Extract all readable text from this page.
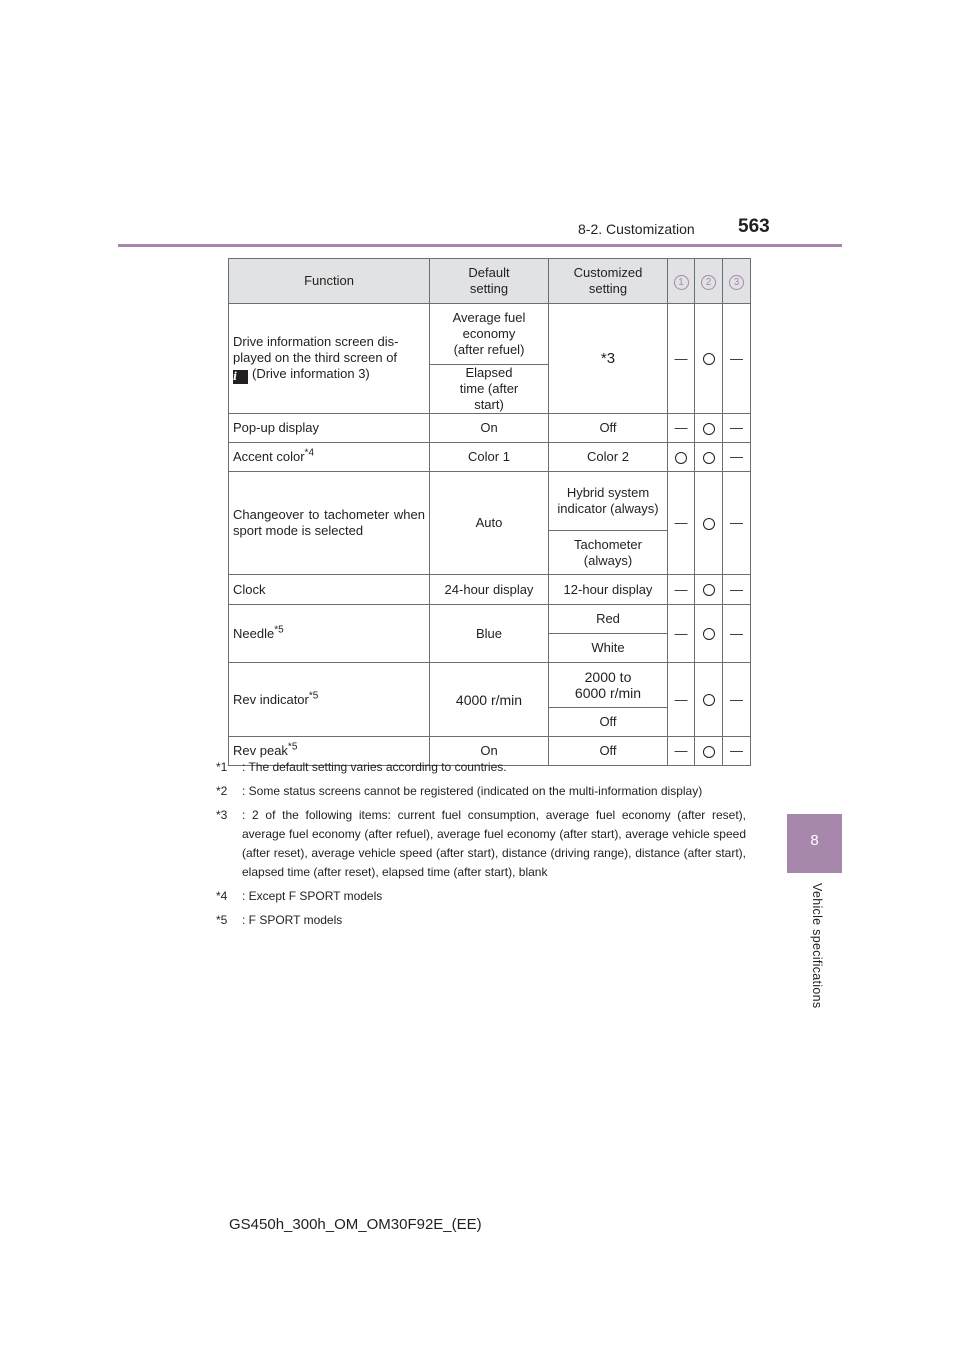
8-2. Customization 563
8
Vehicle specifications
Function	Default setting	Customized setting	1	2	3
Drive information screen dis-
played on the third screen of
i (Drive information 3)	Average fuel economy (after refuel)	*3	—		—
	Elapsed time (after start)				
Pop-up display	On	Off	—		—
Accent color$^{*4}$	Color 1	Color 2			—
Changeover to tachometer when sport mode is selected	Auto	Hybrid system indicator (always)	—		—
		Tachometer (always)			
Clock	24-hour display	12-hour display	—		—
Needle$^{*5}$	Blue	Red	—		—
		White			
Rev indicator$^{*5}$	4000 r/min	2000 to 6000 r/min	—		—
		Off			
Rev peak$^{*5}$	On	Off	—		—
*1	: The default setting varies according to countries.
*2	: Some status screens cannot be registered (indicated on the multi-information display)
*3	: 2 of the following items: current fuel consumption, average fuel economy (after reset), average fuel economy (after refuel), average fuel economy (after start), average vehicle speed (after reset), average vehicle speed (after start), distance (driving range), distance (after start), elapsed time (after reset), elapsed time (after start), blank
*4	: Except F SPORT models
*5	: F SPORT models
GS450h_300h_OM_OM30F92E_(EE)
